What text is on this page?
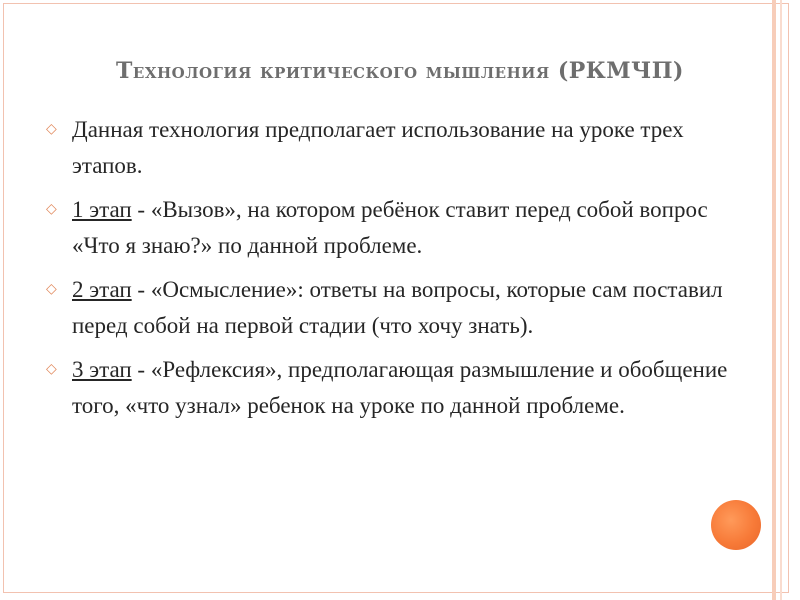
Технология критического мышления (РКМЧП)
◇ Данная технология предполагает использование на уроке трех этапов.
◇ 1 этап - «Вызов», на котором ребёнок ставит перед собой вопрос «Что я знаю?» по данной проблеме.
◇ 2 этап - «Осмысление»: ответы на вопросы, которые сам поставил перед собой на первой стадии (что хочу знать).
◇ 3 этап - «Рефлексия», предполагающая размышление и обобщение того, «что узнал» ребенок на уроке по данной проблеме.
